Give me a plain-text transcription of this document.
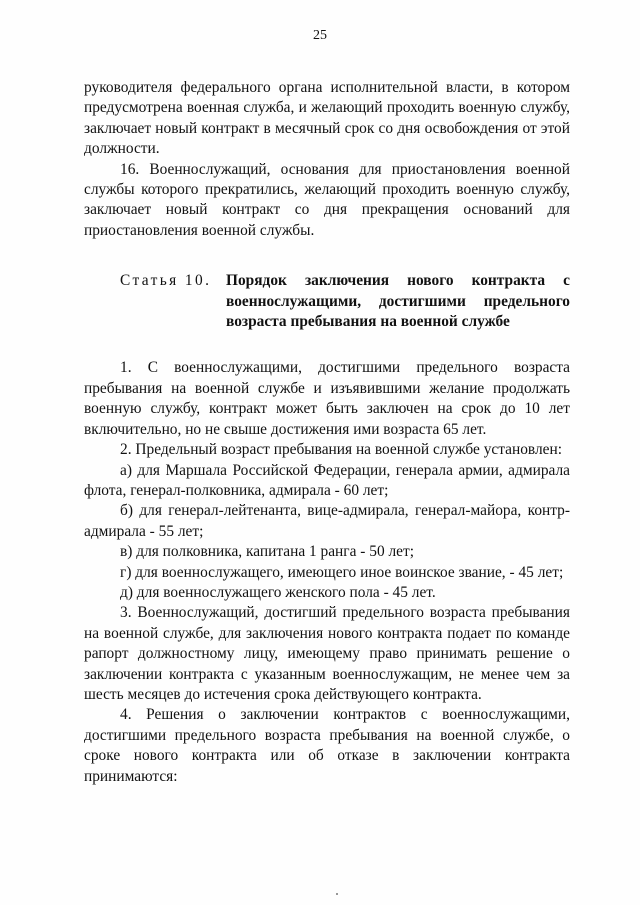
25

руководителя федерального органа исполнительной власти, в котором предусмотрена военная служба, и желающий проходить военную службу, заключает новый контракт в месячный срок со дня освобождения от этой должности.

16. Военнослужащий, основания для приостановления военной службы которого прекратились, желающий проходить военную службу, заключает новый контракт со дня прекращения оснований для приостановления военной службы.

Статья 10. Порядок заключения нового контракта с военнослужащими, достигшими предельного возраста пребывания на военной службе

1. С военнослужащими, достигшими предельного возраста пребывания на военной службе и изъявившими желание продолжать военную службу, контракт может быть заключен на срок до 10 лет включительно, но не свыше достижения ими возраста 65 лет.

2. Предельный возраст пребывания на военной службе установлен:

а) для Маршала Российской Федерации, генерала армии, адмирала флота, генерал-полковника, адмирала - 60 лет;

б) для генерал-лейтенанта, вице-адмирала, генерал-майора, контр-адмирала - 55 лет;

в) для полковника, капитана 1 ранга - 50 лет;

г) для военнослужащего, имеющего иное воинское звание, - 45 лет;

д) для военнослужащего женского пола - 45 лет.

3. Военнослужащий, достигший предельного возраста пребывания на военной службе, для заключения нового контракта подает по команде рапорт должностному лицу, имеющему право принимать решение о заключении контракта с указанным военнослужащим, не менее чем за шесть месяцев до истечения срока действующего контракта.

4. Решения о заключении контрактов с военнослужащими, достигшими предельного возраста пребывания на военной службе, о сроке нового контракта или об отказе в заключении контракта принимаются:
